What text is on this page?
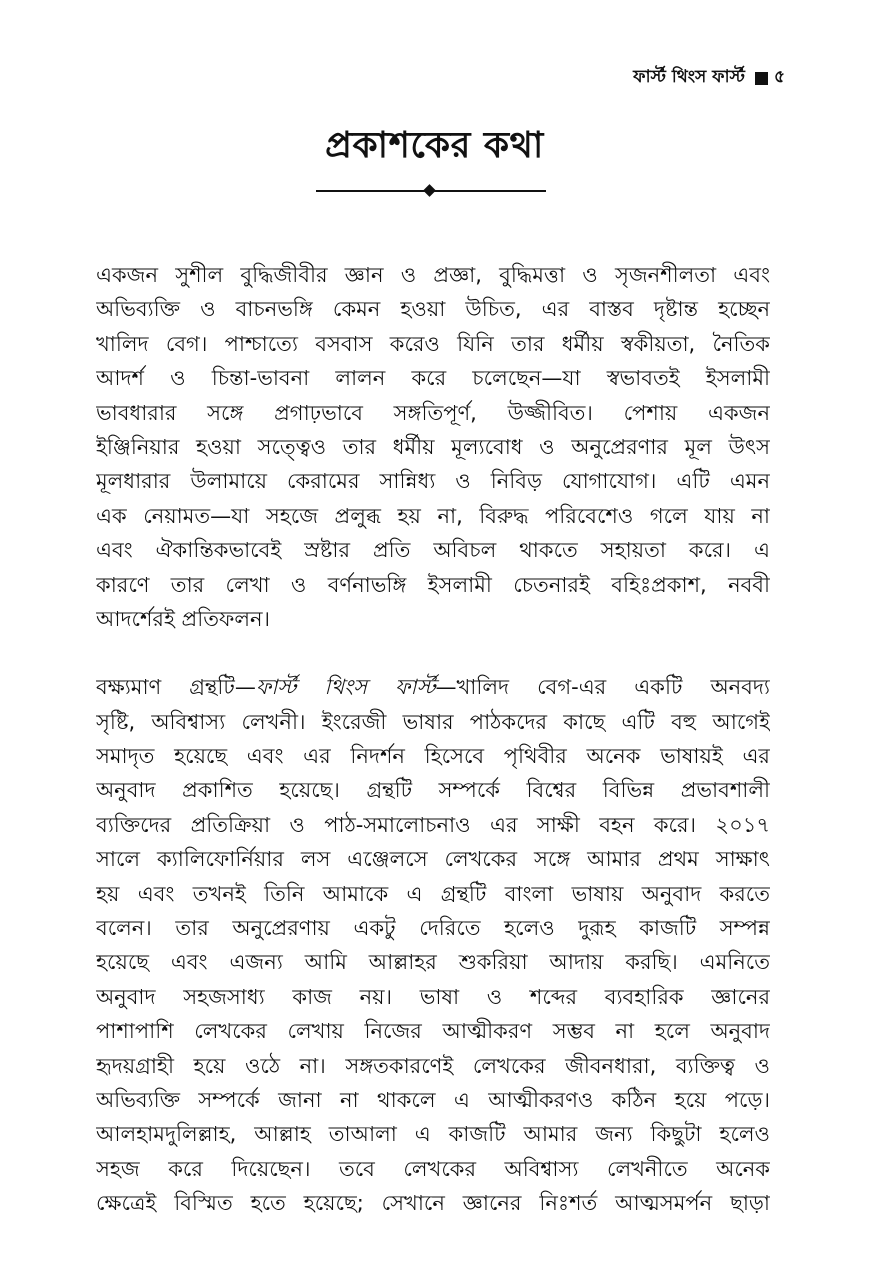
ফার্স্ট থিংস ফার্স্ট ৫
প্রকাশকের কথা
একজন সুশীল বুদ্ধিজীবীর জ্ঞান ও প্রজ্ঞা, বুদ্ধিমত্তা ও সৃজনশীলতা এবং
অভিব্যক্তি ও বাচনভঙ্গি কেমন হওয়া উচিত, এর বাস্তব দৃষ্টান্ত হচ্ছেন
খালিদ বেগ। পাশ্চাত্যে বসবাস করেও যিনি তার ধর্মীয় স্বকীয়তা, নৈতিক
আদর্শ ও চিন্তা-ভাবনা লালন করে চলেছেন—যা স্বভাবতই ইসলামী
ভাবধারার সঙ্গে প্রগাঢ়ভাবে সঙ্গতিপূর্ণ, উজ্জীবিত। পেশায় একজন
ইঞ্জিনিয়ার হওয়া সত্ত্বেও তার ধর্মীয় মূল্যবোধ ও অনুপ্রেরণার মূল উৎস
মূলধারার উলামায়ে কেরামের সান্নিধ্য ও নিবিড় যোগাযোগ। এটি এমন
এক নেয়ামত—যা সহজে প্রলুব্ধ হয় না, বিরুদ্ধ পরিবেশেও গলে যায় না
এবং ঐকান্তিকভাবেই স্রষ্টার প্রতি অবিচল থাকতে সহায়তা করে। এ
কারণে তার লেখা ও বর্ণনাভঙ্গি ইসলামী চেতনারই বহিঃপ্রকাশ, নববী
আদর্শেরই প্রতিফলন।
বক্ষ্যমাণ গ্রন্থটি—ফার্স্ট থিংস ফার্স্ট—খালিদ বেগ-এর একটি অনবদ্য
সৃষ্টি, অবিশ্বাস্য লেখনী। ইংরেজী ভাষার পাঠকদের কাছে এটি বহু আগেই
সমাদৃত হয়েছে এবং এর নিদর্শন হিসেবে পৃথিবীর অনেক ভাষায়ই এর
অনুবাদ প্রকাশিত হয়েছে। গ্রন্থটি সম্পর্কে বিশ্বের বিভিন্ন প্রভাবশালী
ব্যক্তিদের প্রতিক্রিয়া ও পাঠ-সমালোচনাও এর সাক্ষী বহন করে। ২০১৭
সালে ক্যালিফোর্নিয়ার লস এঞ্জেলসে লেখকের সঙ্গে আমার প্রথম সাক্ষাৎ
হয় এবং তখনই তিনি আমাকে এ গ্রন্থটি বাংলা ভাষায় অনুবাদ করতে
বলেন। তার অনুপ্রেরণায় একটু দেরিতে হলেও দুরূহ কাজটি সম্পন্ন
হয়েছে এবং এজন্য আমি আল্লাহর শুকরিয়া আদায় করছি। এমনিতে
অনুবাদ সহজসাধ্য কাজ নয়। ভাষা ও শব্দের ব্যবহারিক জ্ঞানের
পাশাপাশি লেখকের লেখায় নিজের আত্মীকরণ সম্ভব না হলে অনুবাদ
হৃদয়গ্রাহী হয়ে ওঠে না। সঙ্গতকারণেই লেখকের জীবনধারা, ব্যক্তিত্ব ও
অভিব্যক্তি সম্পর্কে জানা না থাকলে এ আত্মীকরণও কঠিন হয়ে পড়ে।
আলহামদুলিল্লাহ, আল্লাহ তাআলা এ কাজটি আমার জন্য কিছুটা হলেও
সহজ করে দিয়েছেন। তবে লেখকের অবিশ্বাস্য লেখনীতে অনেক
ক্ষেত্রেই বিস্মিত হতে হয়েছে; সেখানে জ্ঞানের নিঃশর্ত আত্মসমর্পন ছাড়া
